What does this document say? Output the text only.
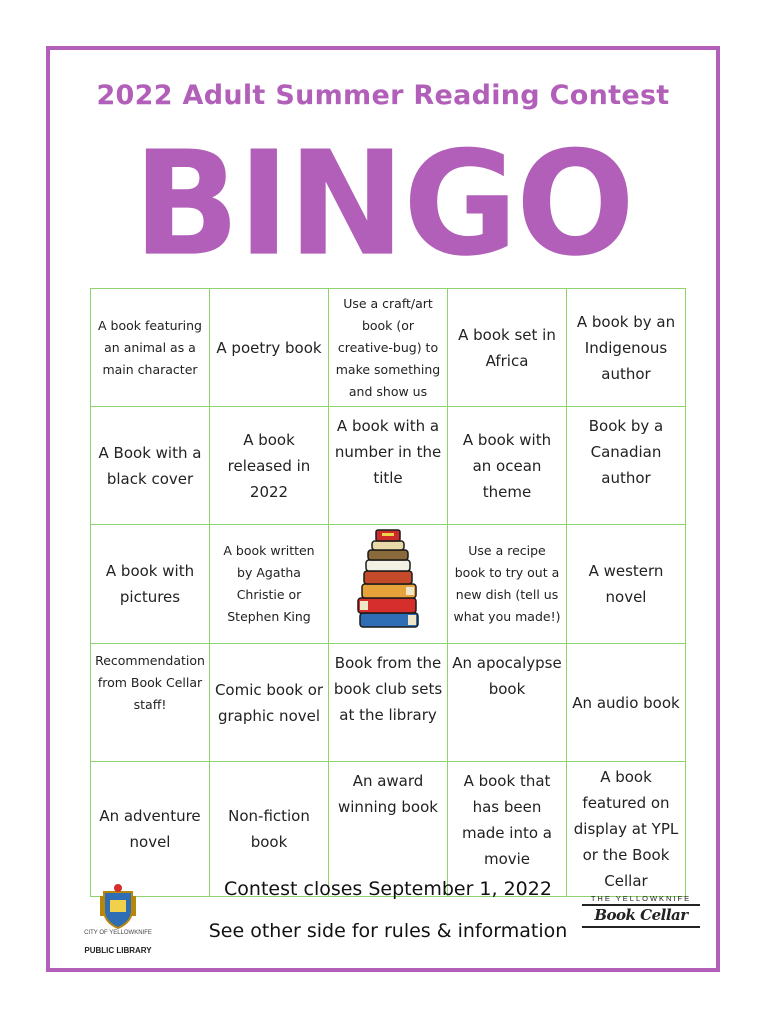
2022 Adult Summer Reading Contest
BINGO
A book featuring an animal as a main character	A poetry book	Use a craft/art book (or creative-bug) to make something and show us	A book set in Africa	A book by an Indigenous author
A Book with a black cover	A book released in 2022	A book with a number in the title	A book with an ocean theme	Book by a Canadian author
A book with pictures	A book written by Agatha Christie or Stephen King		Use a recipe book to try out a new dish (tell us what you made!)	A western novel
Recommendation from Book Cellar staff!	Comic book or graphic novel	Book from the book club sets at the library	An apocalypse book	An audio book
An adventure novel	Non-fiction book	An award winning book	A book that has been made into a movie	A book featured on display at YPL or the Book Cellar
CITY OF YELLOWKNIFE
PUBLIC LIBRARY
Contest closes September 1, 2022
See other side for rules & information
THE YELLOWKNIFE
Book Cellar
